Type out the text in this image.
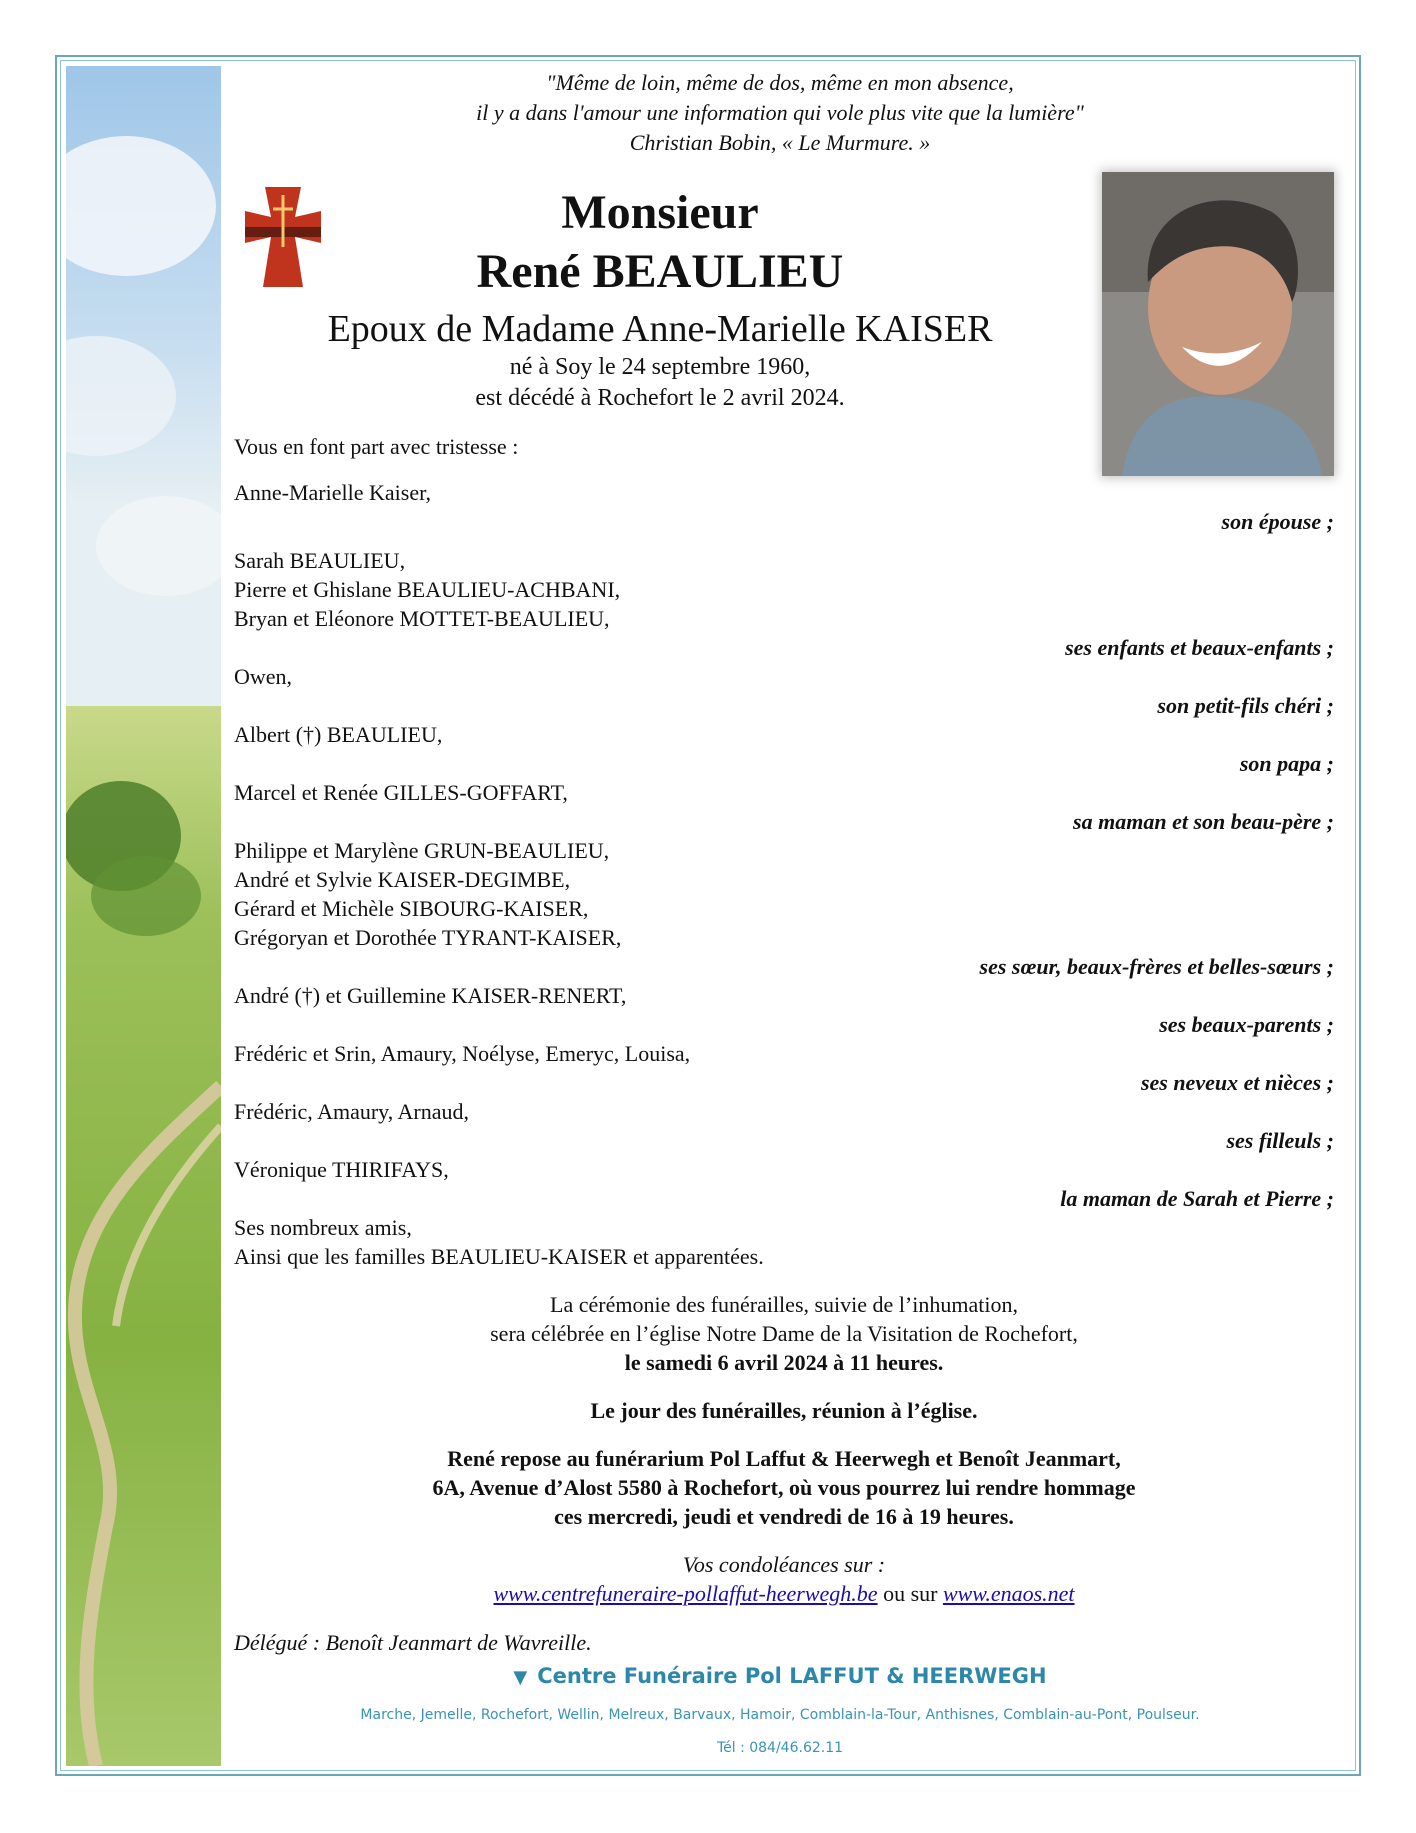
"Même de loin, même de dos, même en mon absence,
il y a dans l'amour une information qui vole plus vite que la lumière"
Christian Bobin, « Le Murmure. »
Monsieur
René BEAULIEU
Epoux de Madame Anne-Marielle KAISER
né à Soy le 24 septembre 1960,
est décédé à Rochefort le 2 avril 2024.
Vous en font part avec tristesse :
Anne-Marielle Kaiser,
son épouse ;
Sarah BEAULIEU,
Pierre et Ghislane BEAULIEU-ACHBANI,
Bryan et Eléonore MOTTET-BEAULIEU,
ses enfants et beaux-enfants ;
Owen,
son petit-fils chéri ;
Albert (†) BEAULIEU,
son papa ;
Marcel et Renée GILLES-GOFFART,
sa maman et son beau-père ;
Philippe et Marylène GRUN-BEAULIEU,
André et Sylvie KAISER-DEGIMBE,
Gérard et Michèle SIBOURG-KAISER,
Grégoryan et Dorothée TYRANT-KAISER,
ses sœur, beaux-frères et belles-sœurs ;
André (†) et Guillemine KAISER-RENERT,
ses beaux-parents ;
Frédéric et Srin, Amaury, Noélyse, Emeryc, Louisa,
ses neveux et nièces ;
Frédéric, Amaury, Arnaud,
ses filleuls ;
Véronique THIRIFAYS,
la maman de Sarah et Pierre ;
Ses nombreux amis,
Ainsi que les familles BEAULIEU-KAISER et apparentées.
La cérémonie des funérailles, suivie de l’inhumation,
sera célébrée en l’église Notre Dame de la Visitation de Rochefort,
le samedi 6 avril 2024 à 11 heures.
Le jour des funérailles, réunion à l’église.
René repose au funérarium Pol Laffut & Heerwegh et Benoît Jeanmart,
6A, Avenue d’Alost 5580 à Rochefort, où vous pourrez lui rendre hommage
ces mercredi, jeudi et vendredi de 16 à 19 heures.
Vos condoléances sur :
www.centrefuneraire-pollaffut-heerwegh.be ou sur www.enaos.net
Délégué : Benoît Jeanmart de Wavreille.
▼ Centre Funéraire Pol LAFFUT & HEERWEGH
Marche, Jemelle, Rochefort, Wellin, Melreux, Barvaux, Hamoir, Comblain-la-Tour, Anthisnes, Comblain-au-Pont, Poulseur.
Tél : 084/46.62.11
